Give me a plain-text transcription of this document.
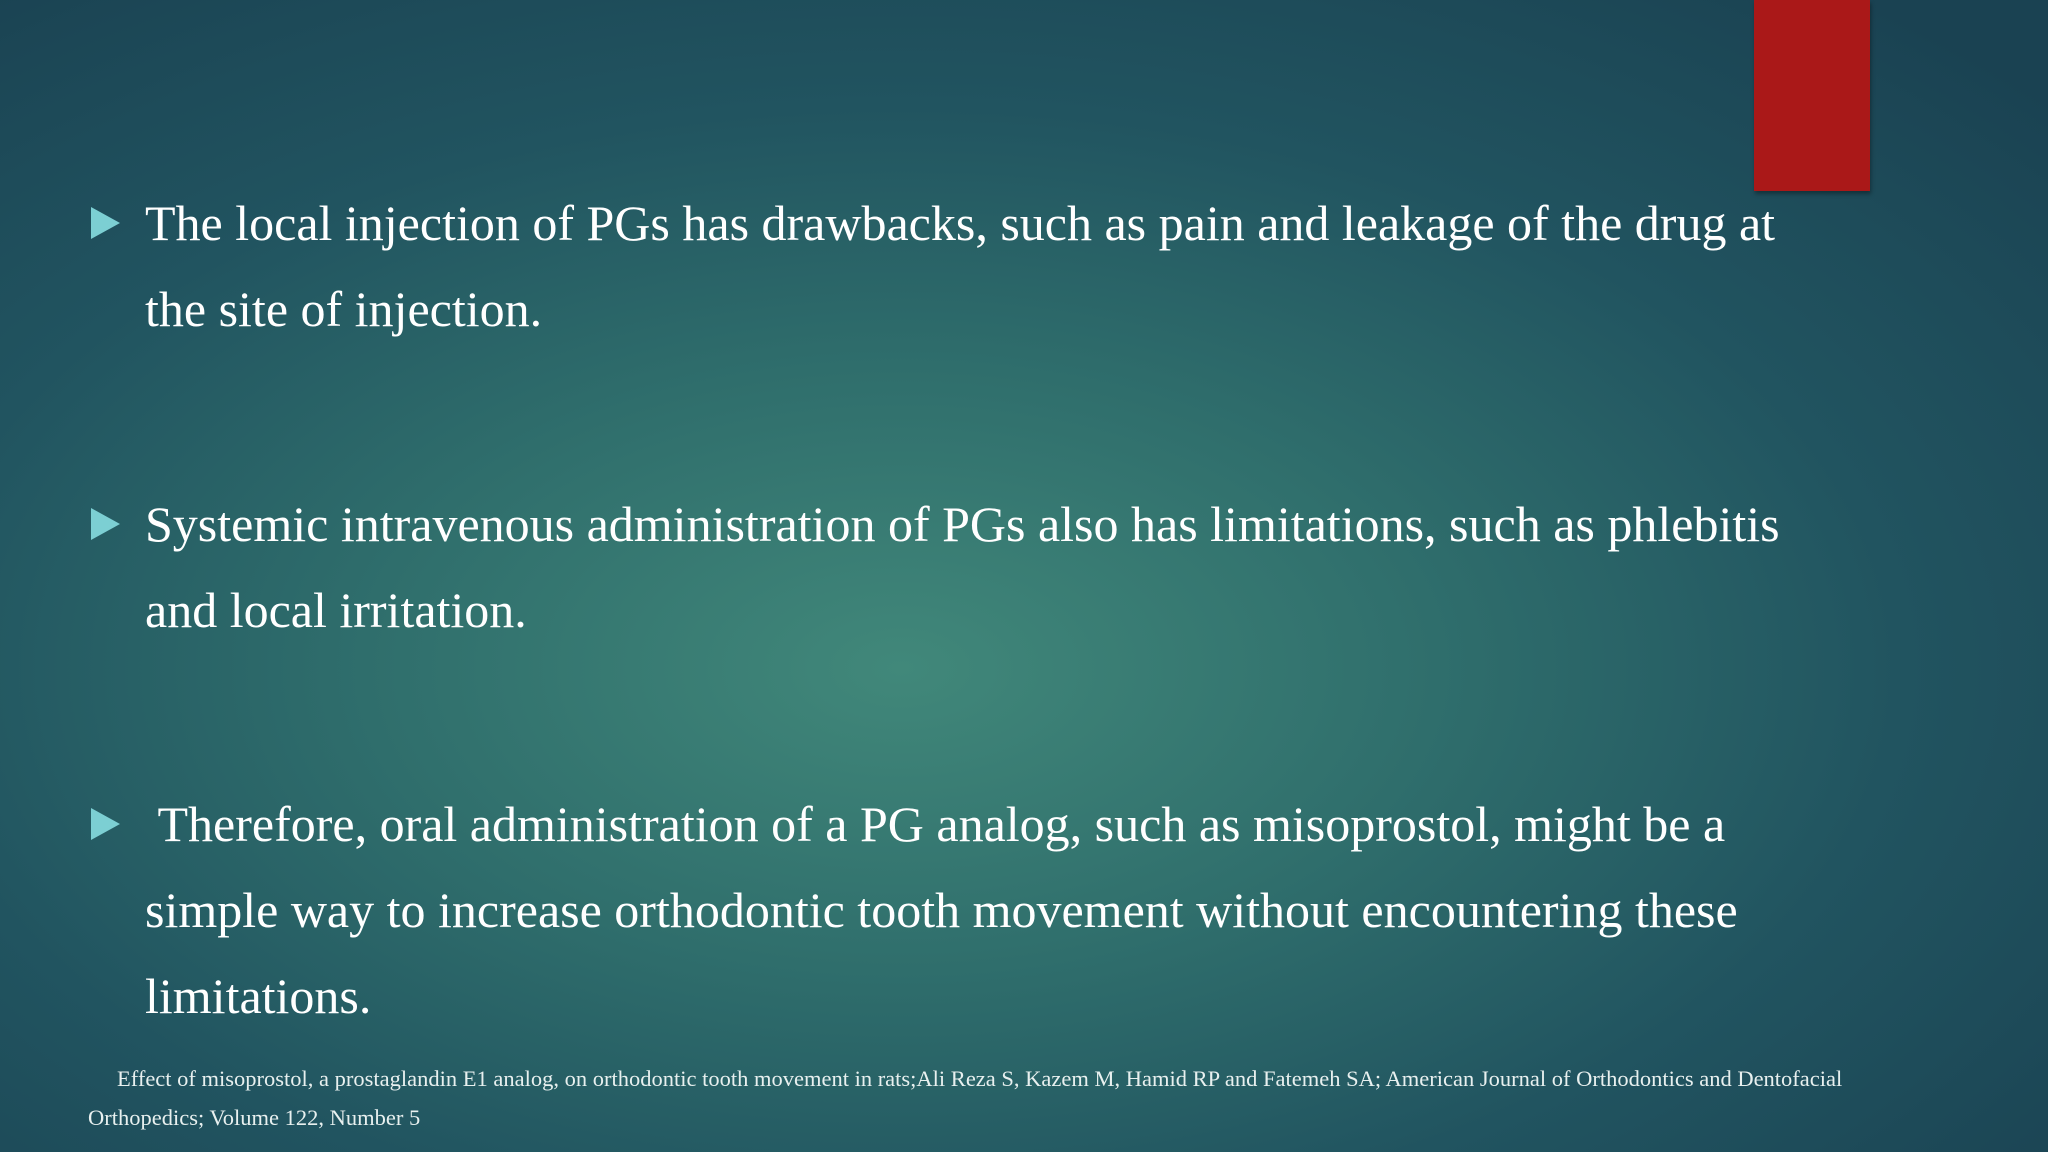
The local injection of PGs has drawbacks, such as pain and leakage of the drug at the site of injection.
Systemic intravenous administration of PGs also has limitations, such as phlebitis and local irritation.
Therefore, oral administration of a PG analog, such as misoprostol, might be a simple way to increase orthodontic tooth movement without encountering these limitations.
Effect of misoprostol, a prostaglandin E1 analog, on orthodontic tooth movement in rats;Ali Reza S, Kazem M, Hamid RP and Fatemeh SA; American Journal of Orthodontics and Dentofacial Orthopedics; Volume 122, Number 5
